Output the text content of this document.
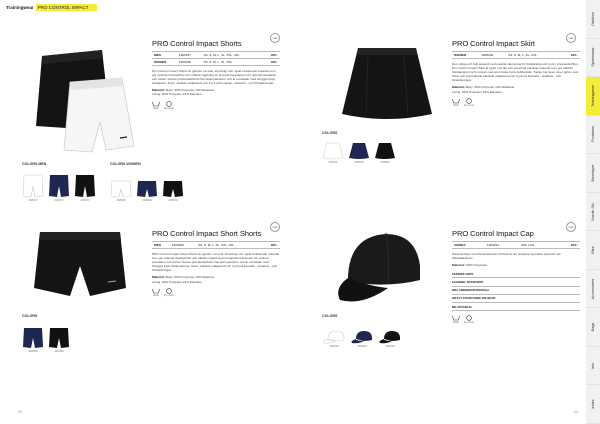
Trainingwear PRO CONTROL IMPACT
Outdoor
Sportswear
Trainingwear
Footwear
Baselayer
Nordic Ski
Bike
Accessories
Bags
Info
Index
PRO Control Impact Shorts
MEN	1905237	XS, S, M, L, XL, XXL, 3XL	400:-
WOMEN	1905238	XS, S, M, L, XL, XXL	400:-
Pro Control Impact Shorts är gjorda i ett sval, stretchigt och mjukt funktionellt material som ger optimal rörelsefrihet och effektiv reglering av kroppstemperaturen för optimal prestation och trivsel. Dessa prestandashorts har ökad passform och är utrustade med inbyggd tröja, sidotaskor, fickor, elastisk midjeband och tryck på bortsida - sprakoct - och förstärkningar.
Material: Body: 90% Polyester 10% Elastane
Lining: 84% Polyester 16% Elastane
Wash Dry clean
craft
PRO Control Impact Skirt
WOMEN	1905230	XS, S, M, L, XL, XXL	320:-
Den stiliga och fullt avsedd med elastisk dämpning för fullständigt och tryck i prestandafrihet. Pro Control Impact Skirt är gjord i ett lätt och stretchigt elastiskt material som ger effektiv fuktdiansport och motivet med att minska tryck dubbelskikt. Kjolen har även inner tights med fickor och gummiband elastiskt midjeband och tryck på bortsida - sprakoct - och förstärkningar.
Material: Body: 90% Polyester 10% Elastane
Lining: 84% Polyester 16% Elastane
Wash Dry clean
craft
PRO Control Impact Short Shorts
MEN	1905460	XS, S, M, L, XL, XXL, 3XL	360:-
PRO Control Impact Short Shorts är gjorda i ett sval, stretchigt och mjukt funktionellt material som ger optimal rörelsefrihet och effektiv reglering av kroppstemperaturen för optimal prestation och trivsel. Dessa prestandashorts har kort passform och är utrustade med inbyggd tröja, båda sidorna, fickor, elastisk midjeband och tryck på bortsida - sprakoct - och förstärkningar.
Material: Body: 90% Polyester 10% Elastane
Lining: 84% Polyester 16% Elastane
Wash Dry clean
craft
PRO Control Impact Cap
UNISEX	1905294	S/M, L/XL	200:-
Klassisk keps med flerfunktionell. Perfekt för att anpassa sig bästa spensell och fritidsaktiviteter.
Material: 100% Polyester
TEKNISK KEPS
FLEXIBEL PASSFORM
BRA ANDNINGSFÖRMÅGA
INFÄLT FRÅNVÄRDE OM SKÄR
MILJÖVÄNLIG
Wash Dry clean
craft
COLORS MEN	COLORS WOMEN
1905237	1905237	1905237	1905238	1905238	1905238
COLORS
1905230	1905230	1905230
COLORS
1905460	1905460
COLORS
1905294	1905294	1905294
00	00
